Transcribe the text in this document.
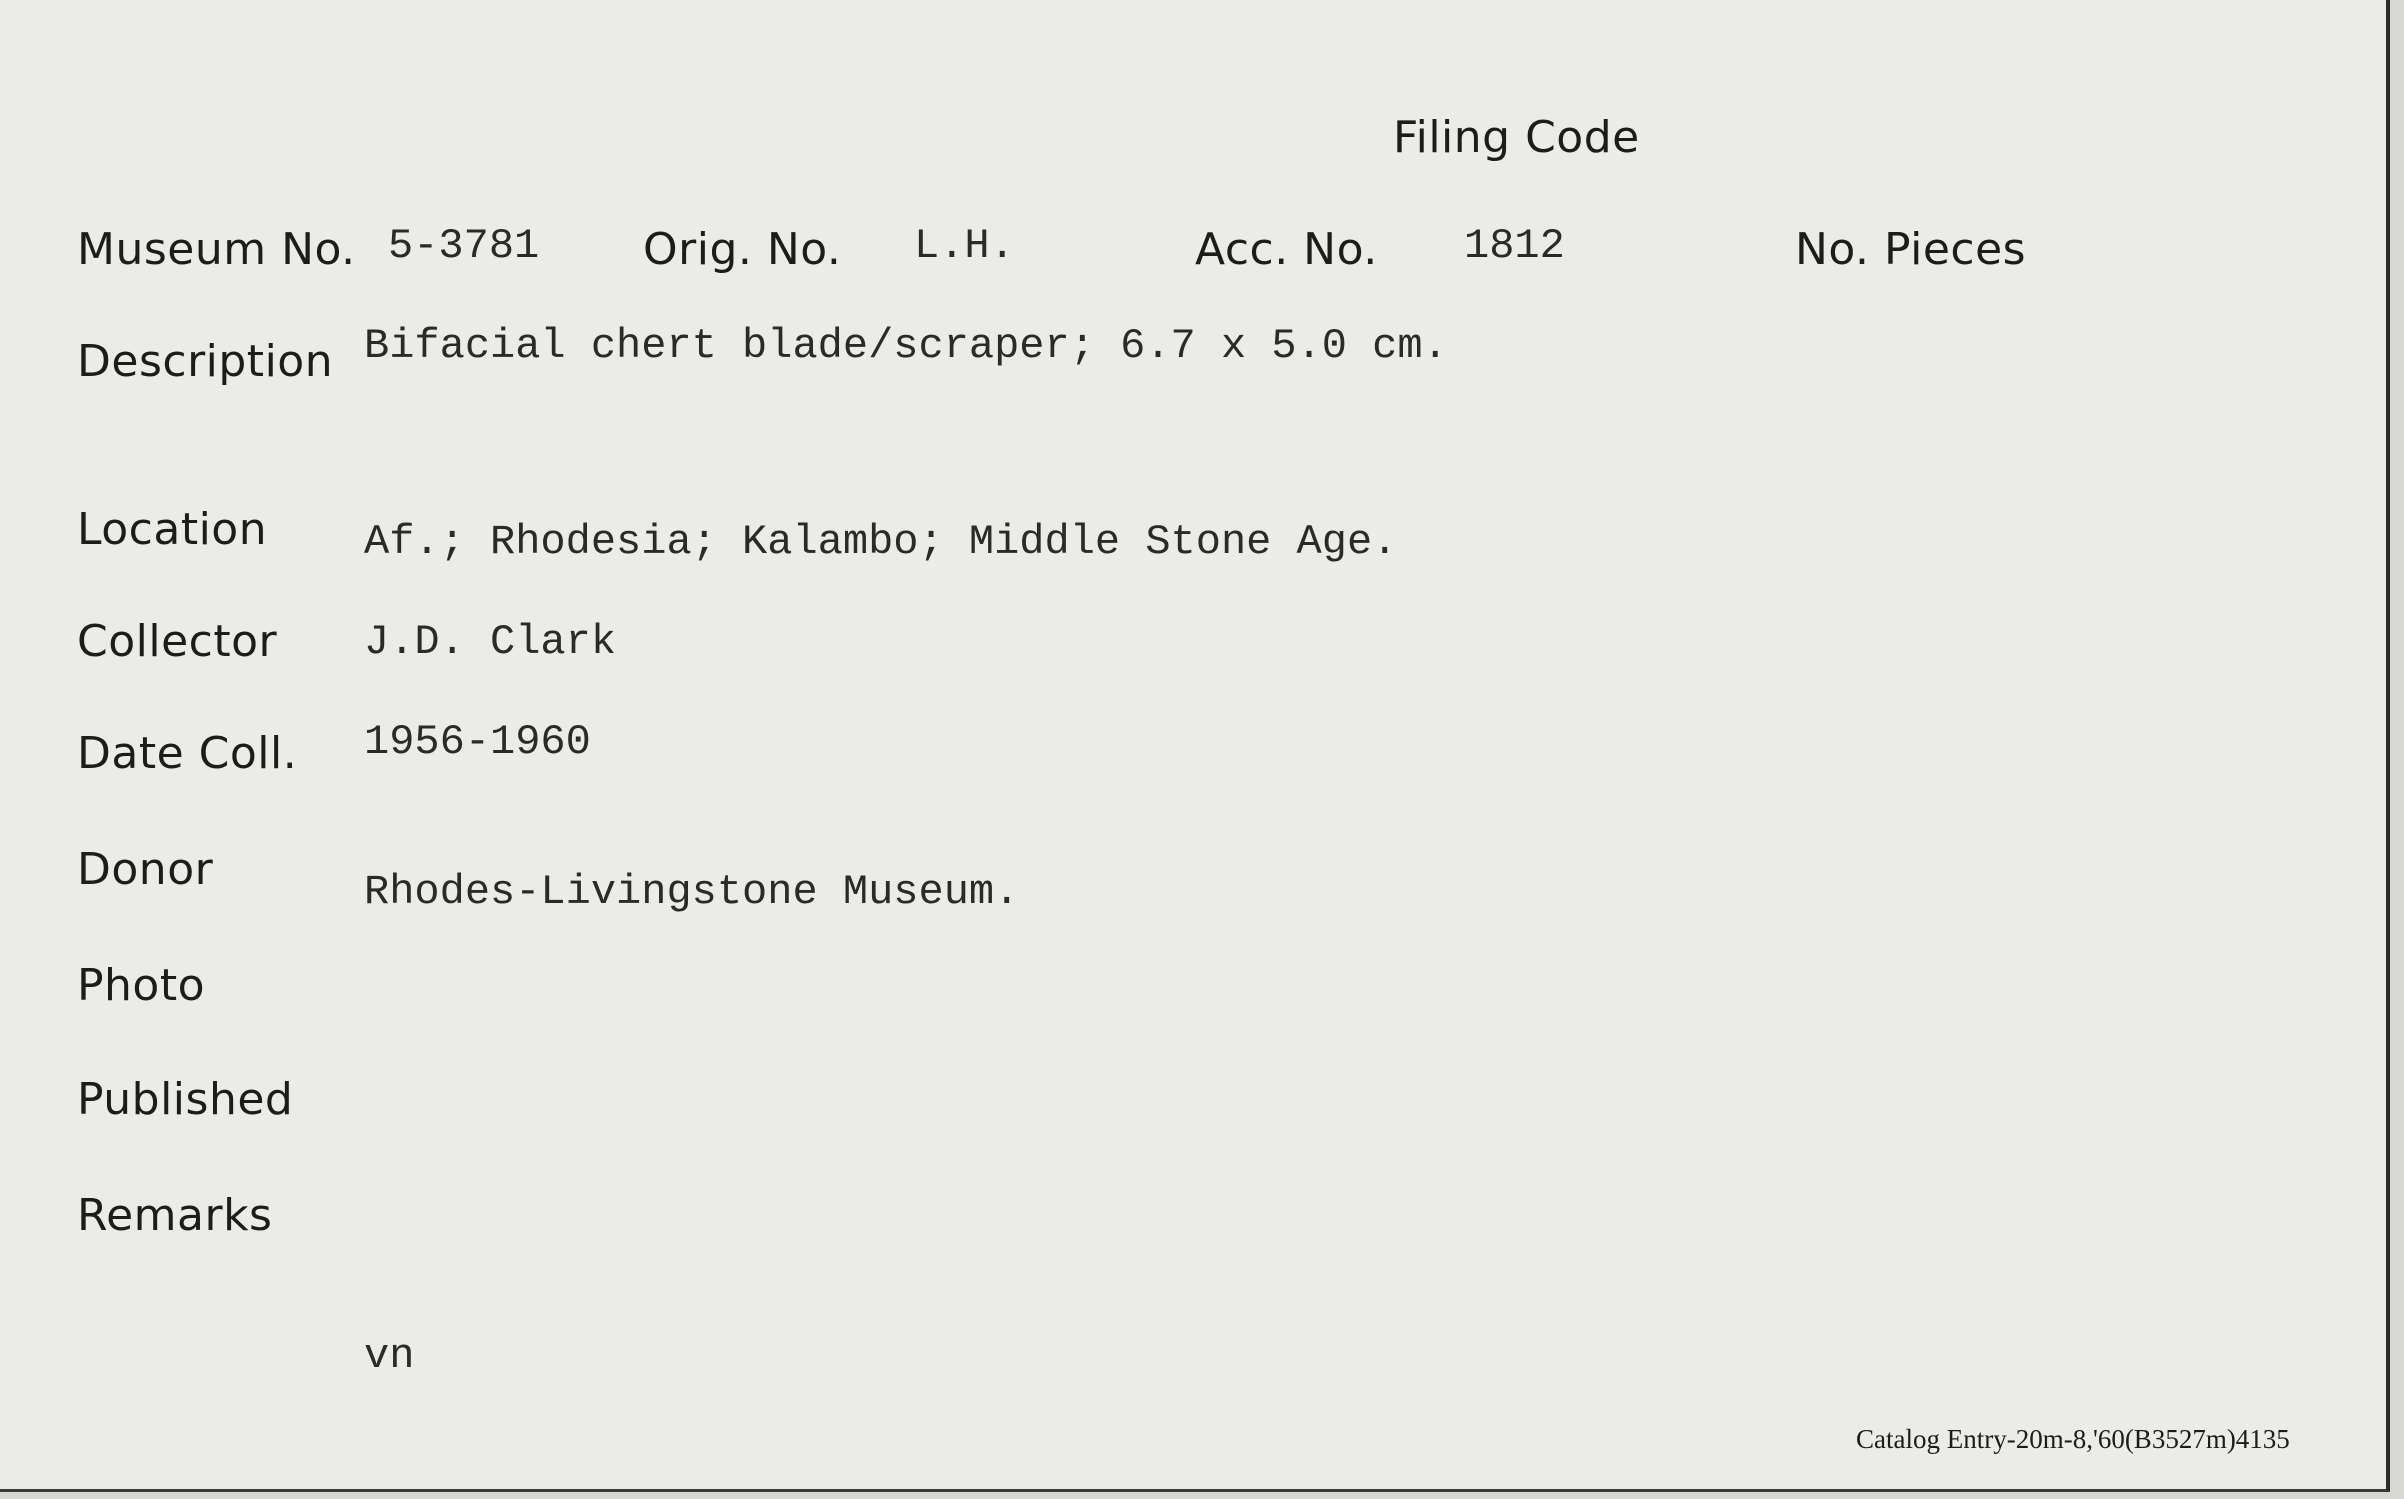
Filing Code
Museum No. 5-3781 Orig. No. L.H.	Acc. No. 1812	No. Pieces
Description Bifacial chert blade/scraper; 6.7 x 5.0 cm.
Location Af.; Rhodesia; Kalambo; Middle Stone Age.
Collector J.D. Clark
Date Coll. 1956-1960
Donor	Rhodes-Livingstone Museum.
Photo
Published
Remarks
vn
Catalog Entry-20m-8,'60(B3527m)4135
